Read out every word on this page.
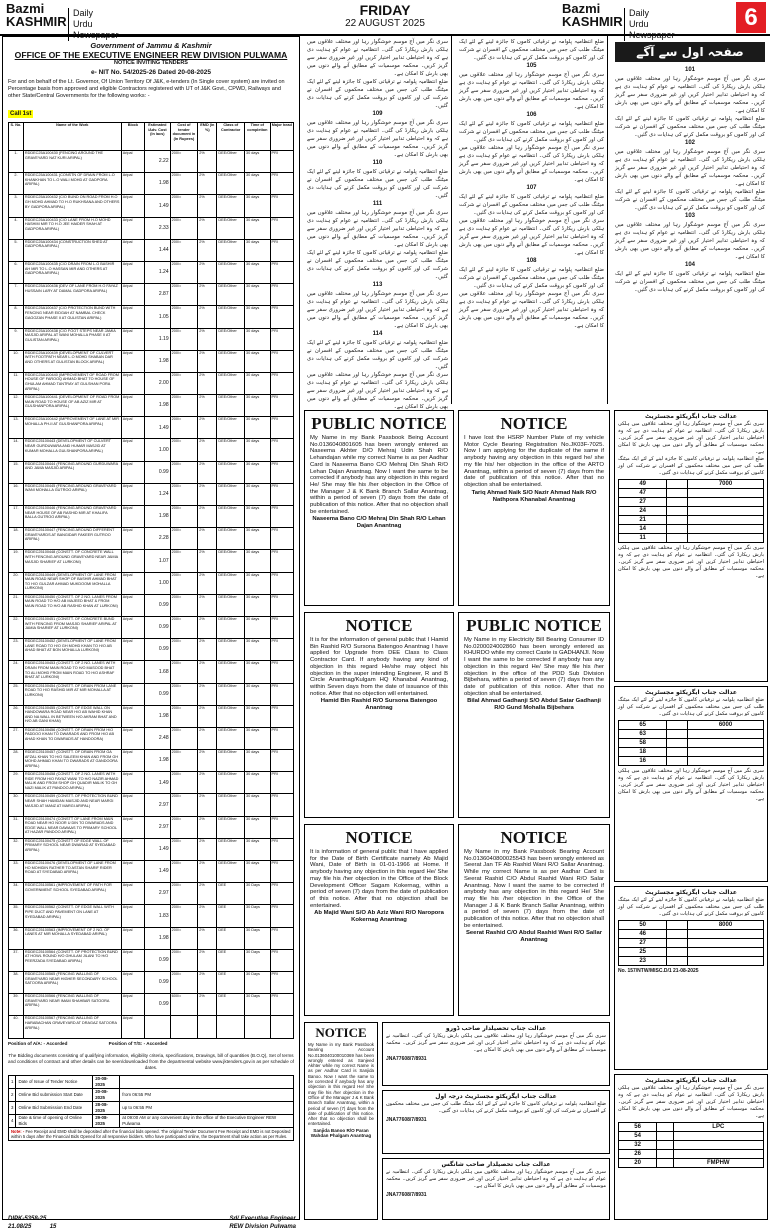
Bazmi
KASHMIR
Daily
Urdu Newspaper
FRIDAY
22 AUGUST 2025
Bazmi
KASHMIR
Daily
Urdu Newspaper
6
Government of Jammu & Kashmir
OFFICE OF THE EXECUTIVE ENGINEER REW DIVISION PULWAMA
NOTICE INVITING TENDERS
e- NIT No. 54/2025-26 Dated 20-08-2025
For and on behalf of the Lt. Governor, Of Union Territory Of J&K, e-tenders (In Single cover system) are invited on Percentage basis from approved and eligible Contractors registered with UT of J&K Govt., CPWD, Railways and other State/Central Governments for the following works: -
Call 1st
S. No.	Name of the Work	Block	Estimated /Adv. Cost (In lacs)	Cost of tender document in (In Rupees)	EMD (in %)	Class of Contractor	Time of completion	Major head
1.	RDDEC25A100430 (FENCING AROUND THE GRAVEYARD NAT KURI ARIPAL)	Aripal	2.22	200/=	2%	DEE/Other	30 days	PRI
2.	RDDEC25A100431 (CONSTN OF DRAIN FROM L.O KHANKHAN TO L.O WALI MOHD AT GADPORA ARIPAL)	Aripal	1.98	200/=	2%	DEE/Other	30 days	PRI
3.	RDDEC25A100432 (C/O BUND ON ROAD FROM H.O GH MOHD AHMAD TO H.O RUKHSANA AND OTHERS BY GADPORA ARIPAL)	Aripal	1.49	200/=	2%	DEE/Other	30 days	PRI
4.	RDDEC25A100433 (C/O LANE FROM H.O MOHD HASHIM MIR TO H.O JEE HAIDER SHAH AT GADPORA ARIPAL)	Aripal	2.33	200/=	2%	DEE/Other	30 days	PRI
5.	RDDEC25A100434 (CONSTRUCTION SHED AT GADPORA ARIPAL)	Aripal	1.44	200/=	2%	DEE/Other	30 days	PRI
6.	RDDEC25A100435 (C/O DRAIN FROM L.O BASHIR AH MIR TO L.O HASSAN MIR AND OTHERS AT GADPORA ARIPAL)	Aripal	1.24	200/=	2%	DEE/Other	30 days	PRI
7.	RDDEC25A100436 (DEV OF LANE FROM H.O FAYAZ HUSSAIN LARY AT DAMAL GADPORA ARIPAL)	Aripal	2.87	200/=	2%	DEE/Other	30 days	PRI
8.	RDDEC25A100437 (C/O PROTECTION BUND WITH FENCING NEAR EIDGAH AT NAMBAL CHECK GAGOZAN PHASE II AT GULISTAN ARIPAL)	Aripal	1.05	200/=	2%	DEE/Other	30 days	PRI
9.	RDDEC25A100438 (C/O FOOT STEPS NEAR JAMIA MASJID ARIPAL AT WANI MOHALLA PHASE II AT GULISTAN ARIPAL)	Aripal	1.19	200/=	2%	DEE/Other	30 days	PRI
10.	RDDEC25A100439 (DEVELOPMENT OF CULVERT WITH FOOTPATH NEAR L.O MOHD SHABAN DAR AND OTHERS AT GULISTAN BLOCK ARIPAL)	Aripal	1.98	200/=	2%	DEE/Other	30 days	PRI
11.	RDDEC25A100440 (IMPROVEMENT OF ROAD FROM HOUSE OF FAROOQ AHMAD BHAT TO HOUSE OF GHULAM AHMAD TANTRAY AT GULSHAN PORA ARIPAL)	Aripal	2.00	200/=	2%	DEE/Other	30 days	PRI
12.	RDDEC25A100441 (DEVELOPMENT OF ROAD FROM MAIN ROAD TO HOUSE OF AB AZIZ MIR AT GULSHANPORA ARIPAL)	Aripal	1.98	200/=	2%	DEE/Other	30 days	PRI
13.	RDDEC25A100442 (IMPROVEMENT OF LANE AT MIR MOHALLA PH-II AT GULSHANPORA ARIPAL)	Aripal	1.49	200/=	2%	DEE/Other	30 days	PRI
14.	RDDEC25100443 (DEVELOPMENT OF CULVERT NEAR GURDUWARA AND HUMAR MASJID AT KUMAR MOHALLA GULSHANPORA ARIPAL)	Aripal	1.00	200/=	2%	DEE/Other	30 days	PRI
15.	RDDEC25100444 (FENCING AROUND GURDUWARA AND JAMA MASJID ARIPAL)	Aripal	0.99	200/=	2%	DEE/Other	30 days	PRI
16.	RDDEC25100445 (FENCING AROUND GRAVEYARD WANI MOHALLA GUTROO ARIPAL)	Aripal	1.24	200/=	2%	DEE/Other	30 days	PRI
17.	RDDEC25100446 (FENCING AROUND GRAVEYARD NEAR HOUSE OF AB RASHID MIR AT KHALIFA BALLA GUTROO ARIPAL)	Aripal	1.98	200/=	2%	DEE/Other	30 days	PRI
18.	RDDEC25100447 (FENCING AROUND DIFFERENT GRAVEYARDS AT BANGIDAR FAKEER GUTROO ARIPAL)	Aripal	2.28	200/=	2%	DEE/Other	30 days	PRI
19.	RDDEC25100448 (CONSTT. OF CONCRETE WALL WITH FENCING AROUND GRAVEYARD NEAR JAMIA MASJID SHARIEF AT LURKONI)	Aripal	1.07	200/=	2%	DEE/Other	30 days	PRI
20.	RDDEC25100449 (DEVELOPMENT OF LANE FROM MAIN ROAD NEAR SHOP OF BASHIR AHMAD BHAT TO H/O GULZAR AHMAD MUKDOOMI MOHALLA LURKONI)	Aripal	1.00	200/=	2%	DEE/Other	30 days	PRI
21.	RDDEC25100450 (CONSTT. OF 2 NO. LANES FROM MAIN ROAD TO H/O AB MAJEED BHAT & FROM MAIN ROAD TO H/O AB RASHID KHAN AT LURKONI)	Aripal	0.99	200/=	2%	DEE/Other	30 days	PRI
22.	RDDEC25100451 (CONSTT. OF CONCRETE BUND WITH FENCING FROM MASJID SHARIEF ARIPAL AT JAMIA SHARIEF AT LURKONI)	Aripal	0.99	200/=	2%	DEE/Other	30 days	PRI
23.	RDDEC25100452 (DEVELOPMENT OF LANE FROM LANE ROAD TO H/O GH MOHD KHAN TO H/O AB AHAD BHAT AT BON MOHALLA LURKONI)	Aripal	0.99	200/=	2%	DEE/Other	30 days	PRI
24.	RDDEC25100453 (CONSTT. OF 2 NO. LANES WITH DRAIN FROM MAIN ROAD TO H/O MASOOD BHAT TO ALI MOHD FROM MAIN ROAD TO H/O ASHRAF BHAT AT LURKONI)	Aripal	1.68	200/=	2%	DEE/Other	30 days	PRI
25.	RDDEC25100454 (CONSTT. OF DRAIN FROM LANE ROAD TO H/O RASHID MIR AT MIR MOHALLA AT LURKONI)	Aripal	0.99	200/=	2%	DEE/Other	30 days	PRI
26.	RDDEC25100455 (CONSTT. OF EDGE WALL ON HANDOWARA ROAD NEAR H/O AB WAHID KHAN AND NA WALL IN BETWEEN H/O AKRAM BHAT AND H/O AB GANI KHAN)	Aripal	1.98	200/=	2%	DEE/Other	30 days	PRI
27.	RDDEC25100456 (CONSTT. OF DRAIN FROM H/O PADDOO KHAN TO DWARADS AND FROM H/O AB AHAD KHAN TO DWARADS AT HANDOORA)	Aripal	2.48	200/=	2%	DEE/Other	30 days	PRI
28.	RDDEC25100457 (CONSTT. OF DRAIN FROM GA AFZAL KHAN TO H/O SALEEM KHAN AND FROM GH MOHD AHMAD KHAN TO DWARADS AT GANDOORA ARIPAL)	Aripal	1.98	200/=	2%	DEE/Other	30 days	PRI
29.	RDDEC25100458 (CONSTT. OF 2 NO. LANES WITH RIDE FROM H/O FAYAZ WANI TO H/O NAZIR AHMAD MALIK AND FROM SHOP GH QUADIR MALIK TO GH NAZI MALIK AT PANDOO ARIPAL)	Aripal	1.49	200/=	2%	DEE/Other	30 days	PRI
30.	RDDEC25100459 (CONSTT. OF PROTECTION BUND NEAR SHAH HAMDAN MASJID AND NEAR MARGI MASJID AT MANZ AT MARGI ARIPAL)	Aripal	2.97	200/=	2%	DEE/Other	30 days	PRI
31.	RDDEC25100474 (CONSTT OF LANE FROM MAIN ROAD NEAR HO NOOR U DIN TO DWARADS AND EDGE WALL NEAR DAWAAS TO PRIMARY SCHOOL AT HAZAR PANDOO ARIPAL)	Aripal	2.97	200/=	2%	DEE/Other	30 days	PRI
32.	RDDEC25100475 (CONSTT OF EDGE WALL OF PRIMARY SCHOOL NEAR DWARAD AT SYEDABAD ARIPAL)	Aripal	1.49	200/=	2%	DEE/Other	30 days	PRI
33.	RDDEC25100476 (DEVELOPMENT OF LANE FROM HO MOHIDIN RATHER TO ASTAN SHARIF RIDER ROAD AT SYEDABAD ARIPAL)	Aripal	1.49	200/=	2%	DEE/Other	30 days	PRI
34.	RDDEC25100561 (IMPROVEMENT OF PATH FOR GOVERNMENT SCHOOL SYEDABAD ARIPAL)	Aripal	2.97	200/=	2%	DEE	30 Days	PRI
35.	RDDEC25100562 (CONSTT. OF EDGE WALL WITH PIPE DUCT AND PAVEMENT ON LANE AT SYEDABAD ARIPAL)	Aripal	1.83	200/=	2%	DEE	30 Days	PRI
36.	RDDEC25100563 (IMPROVEMENT OF 2 NO. OF LANES AT MIR MOHALLA SYEDABAD ARIPAL)	Aripal	1.98	200/=	2%	DEE	30 Days	PRI
37.	RDDEC25100564 (CONSTT. OF PROTECTION BUND AT HOWL ROUND H/O GHULAM JILANI TO H/O PEERZADA SYEDABAD ARIPAL)	Aripal	0.99	200/=	2%	DEE	30 Days	PRI
38.	RDDEC25100565 (FENCING WALLING OF GRAVEYARD NEAR HIGHER SECONDARY SCHOOL SATOORA ARIPAL)	Aripal	0.99	200/=	2%	DEE	30 Days	PRI
39.	RDDEC25100566 (FENCING WALLING OF GRAVEYARD NEAR IMAM SHAHBAR SATOORA ARIPAL)	Aripal	0.99	600/=	2%	DEE	30 Days	PRI
40.	RDDEC25100567 (FENCING WALLING OF HARABACHAN GRAVEYARD AT DRAGAZ SATOORA ARIPAL)	Aripal						
Position of A/A: - Accorded	Position of T/S: - Accorded
The Bidding documents consisting of qualifying information, eligibility criteria, specifications, Drawings, bill of quantities (B.O.Q), Set of terms and conditions of contract and other details can be seen/downloaded from the departmental website www.jktenders.gov.in as per schedule of dates.
1	Date of Issue of Tender Notice	20-08-2025	
2	Online Bid submission Start Date	20-08-2025	from 06:55 PM
3	Online Bid Submission End Date	28-08-2025	up to 06:55 PM
4	Date & time of opening of Online Bids	29-08-2025	at 09:00 AM or any convenient day in the office of the Executive Engineer REW Pulwama
Note: - Fee Receipt and EMD shall be deposited after the financial bids opened. The original Tender Document Fee Receipt and EMD is not Deposited within 5 days after the Financial Bids Opened for all responsive bidders. Who have participated online, the Department shall take action as per Rules.
DIPK-5358-25
21.08/25	15
Sd/ Executive Engineer
REW Division Pulwama
سری نگر میں آج موسم خوشگوار رہا اور مختلف علاقوں میں ہلکی بارش ریکارڈ کی گئی۔ انتظامیہ نے عوام کو ہدایت دی ہے کہ وہ احتیاطی تدابیر اختیار کریں اور غیر ضروری سفر سے گریز کریں۔ محکمہ موسمیات کے مطابق آنے والے دنوں میں بھی بارش کا امکان ہے۔
ضلع انتظامیہ پلوامہ نے ترقیاتی کاموں کا جائزہ لینے کے لئے ایک میٹنگ طلب کی جس میں مختلف محکموں کے افسران نے شرکت کی اور کاموں کو بروقت مکمل کرنے کی ہدایات دی گئیں۔
109
سری نگر میں آج موسم خوشگوار رہا اور مختلف علاقوں میں ہلکی بارش ریکارڈ کی گئی۔ انتظامیہ نے عوام کو ہدایت دی ہے کہ وہ احتیاطی تدابیر اختیار کریں اور غیر ضروری سفر سے گریز کریں۔ محکمہ موسمیات کے مطابق آنے والے دنوں میں بھی بارش کا امکان ہے۔
110
ضلع انتظامیہ پلوامہ نے ترقیاتی کاموں کا جائزہ لینے کے لئے ایک میٹنگ طلب کی جس میں مختلف محکموں کے افسران نے شرکت کی اور کاموں کو بروقت مکمل کرنے کی ہدایات دی گئیں۔
111
سری نگر میں آج موسم خوشگوار رہا اور مختلف علاقوں میں ہلکی بارش ریکارڈ کی گئی۔ انتظامیہ نے عوام کو ہدایت دی ہے کہ وہ احتیاطی تدابیر اختیار کریں اور غیر ضروری سفر سے گریز کریں۔ محکمہ موسمیات کے مطابق آنے والے دنوں میں بھی بارش کا امکان ہے۔
ضلع انتظامیہ پلوامہ نے ترقیاتی کاموں کا جائزہ لینے کے لئے ایک میٹنگ طلب کی جس میں مختلف محکموں کے افسران نے شرکت کی اور کاموں کو بروقت مکمل کرنے کی ہدایات دی گئیں۔
113
سری نگر میں آج موسم خوشگوار رہا اور مختلف علاقوں میں ہلکی بارش ریکارڈ کی گئی۔ انتظامیہ نے عوام کو ہدایت دی ہے کہ وہ احتیاطی تدابیر اختیار کریں اور غیر ضروری سفر سے گریز کریں۔ محکمہ موسمیات کے مطابق آنے والے دنوں میں بھی بارش کا امکان ہے۔
114
ضلع انتظامیہ پلوامہ نے ترقیاتی کاموں کا جائزہ لینے کے لئے ایک میٹنگ طلب کی جس میں مختلف محکموں کے افسران نے شرکت کی اور کاموں کو بروقت مکمل کرنے کی ہدایات دی گئیں۔
سری نگر میں آج موسم خوشگوار رہا اور مختلف علاقوں میں ہلکی بارش ریکارڈ کی گئی۔ انتظامیہ نے عوام کو ہدایت دی ہے کہ وہ احتیاطی تدابیر اختیار کریں اور غیر ضروری سفر سے گریز کریں۔ محکمہ موسمیات کے مطابق آنے والے دنوں میں بھی بارش کا امکان ہے۔
ضلع انتظامیہ پلوامہ نے ترقیاتی کاموں کا جائزہ لینے کے لئے ایک میٹنگ طلب کی جس میں مختلف محکموں کے افسران نے شرکت کی اور کاموں کو بروقت مکمل کرنے کی ہدایات دی گئیں۔
105
سری نگر میں آج موسم خوشگوار رہا اور مختلف علاقوں میں ہلکی بارش ریکارڈ کی گئی۔ انتظامیہ نے عوام کو ہدایت دی ہے کہ وہ احتیاطی تدابیر اختیار کریں اور غیر ضروری سفر سے گریز کریں۔ محکمہ موسمیات کے مطابق آنے والے دنوں میں بھی بارش کا امکان ہے۔
106
ضلع انتظامیہ پلوامہ نے ترقیاتی کاموں کا جائزہ لینے کے لئے ایک میٹنگ طلب کی جس میں مختلف محکموں کے افسران نے شرکت کی اور کاموں کو بروقت مکمل کرنے کی ہدایات دی گئیں۔
سری نگر میں آج موسم خوشگوار رہا اور مختلف علاقوں میں ہلکی بارش ریکارڈ کی گئی۔ انتظامیہ نے عوام کو ہدایت دی ہے کہ وہ احتیاطی تدابیر اختیار کریں اور غیر ضروری سفر سے گریز کریں۔ محکمہ موسمیات کے مطابق آنے والے دنوں میں بھی بارش کا امکان ہے۔
107
ضلع انتظامیہ پلوامہ نے ترقیاتی کاموں کا جائزہ لینے کے لئے ایک میٹنگ طلب کی جس میں مختلف محکموں کے افسران نے شرکت کی اور کاموں کو بروقت مکمل کرنے کی ہدایات دی گئیں۔
سری نگر میں آج موسم خوشگوار رہا اور مختلف علاقوں میں ہلکی بارش ریکارڈ کی گئی۔ انتظامیہ نے عوام کو ہدایت دی ہے کہ وہ احتیاطی تدابیر اختیار کریں اور غیر ضروری سفر سے گریز کریں۔ محکمہ موسمیات کے مطابق آنے والے دنوں میں بھی بارش کا امکان ہے۔
108
ضلع انتظامیہ پلوامہ نے ترقیاتی کاموں کا جائزہ لینے کے لئے ایک میٹنگ طلب کی جس میں مختلف محکموں کے افسران نے شرکت کی اور کاموں کو بروقت مکمل کرنے کی ہدایات دی گئیں۔
سری نگر میں آج موسم خوشگوار رہا اور مختلف علاقوں میں ہلکی بارش ریکارڈ کی گئی۔ انتظامیہ نے عوام کو ہدایت دی ہے کہ وہ احتیاطی تدابیر اختیار کریں اور غیر ضروری سفر سے گریز کریں۔ محکمہ موسمیات کے مطابق آنے والے دنوں میں بھی بارش کا امکان ہے۔
صفحہ اول سے آگے
101
سری نگر میں آج موسم خوشگوار رہا اور مختلف علاقوں میں ہلکی بارش ریکارڈ کی گئی۔ انتظامیہ نے عوام کو ہدایت دی ہے کہ وہ احتیاطی تدابیر اختیار کریں اور غیر ضروری سفر سے گریز کریں۔ محکمہ موسمیات کے مطابق آنے والے دنوں میں بھی بارش کا امکان ہے۔
ضلع انتظامیہ پلوامہ نے ترقیاتی کاموں کا جائزہ لینے کے لئے ایک میٹنگ طلب کی جس میں مختلف محکموں کے افسران نے شرکت کی اور کاموں کو بروقت مکمل کرنے کی ہدایات دی گئیں۔
102
سری نگر میں آج موسم خوشگوار رہا اور مختلف علاقوں میں ہلکی بارش ریکارڈ کی گئی۔ انتظامیہ نے عوام کو ہدایت دی ہے کہ وہ احتیاطی تدابیر اختیار کریں اور غیر ضروری سفر سے گریز کریں۔ محکمہ موسمیات کے مطابق آنے والے دنوں میں بھی بارش کا امکان ہے۔
ضلع انتظامیہ پلوامہ نے ترقیاتی کاموں کا جائزہ لینے کے لئے ایک میٹنگ طلب کی جس میں مختلف محکموں کے افسران نے شرکت کی اور کاموں کو بروقت مکمل کرنے کی ہدایات دی گئیں۔
103
سری نگر میں آج موسم خوشگوار رہا اور مختلف علاقوں میں ہلکی بارش ریکارڈ کی گئی۔ انتظامیہ نے عوام کو ہدایت دی ہے کہ وہ احتیاطی تدابیر اختیار کریں اور غیر ضروری سفر سے گریز کریں۔ محکمہ موسمیات کے مطابق آنے والے دنوں میں بھی بارش کا امکان ہے۔
104
ضلع انتظامیہ پلوامہ نے ترقیاتی کاموں کا جائزہ لینے کے لئے ایک میٹنگ طلب کی جس میں مختلف محکموں کے افسران نے شرکت کی اور کاموں کو بروقت مکمل کرنے کی ہدایات دی گئیں۔
PUBLIC NOTICE
My Name in my Bank Passbook Being Account No.0136040801605 has been wrongly entered as Naseema Akhter D/O Mehraj Udin Shah R/O Lehandajan while my correct Name is as per Aadhar Card is Naseema Bano C/O Mehraj Din Shah R/O Lehan Dajan Anantnag. Now I want the same to be corrected if anybody has any objection in this regard He/ She may file his /her objection in the Office of the Manager J & K Bank Branch Sallar Anantnag, within a period of seven (7) days from the date of publication of this notice. After that no objection shall be entertained.
Naseema Bano C/O Mehraj Din Shah R/O Lehan Dajan Anantnag
NOTICE
I have lost the HSRP Number Plate of my vehicle Motor Cycle Bearing Registration No.JK03F-7025. Now I am applying for the duplicate of the same if anybody having any objection in this regard he/ she my file his/ her objection in the office of the ARTO Anantnag, within a period of seven (7) days from the date of publication of this notice. After that no objection shall be entertained.
Tariq Ahmad Naik S/O Nazir Ahmad Naik R/O Nathpora Khanabal Anantnag
NOTICE
It is for the information of general public that I Hamid Bin Rashid R/O Sursona Batengoo Anantnag I have applied for Upgrade from DEE Class to Class Contractor Card. If anybody having any kind of objection in this regard He/she may object his objection in the super intending Engineer, R and B Circle Anantnag/Kulgam HQ Khanabal Anantnag, within Seven days from the date of issuance of this notice. After that no objection will entertained.
Hamid Bin Rashid R/O Sursona Batengoo Anantnag
PUBLIC NOTICE
My Name in my Electricity Bill Bearing Consumer ID No.0200024002860 has been wrongly entered as KHURDO while my correct Caste is GADHANJI. Now I want the same to be corrected if anybody has any objection in this regard He/ She may file his /her objection in the office of the PDD Sub Division Bijbehara, within a period of seven (7) days from the date of publication of this notice. After that no objection shall be entertained.
Bilal Ahmad Gadhanji S/O Abdul Satar Gadhanji R/O Gund Mohalla Bijbehara
NOTICE
It is information of general public that I have applied for the Date of Birth Certificate namely Ab Majid Wani, Date of Birth is 01-01-1966 at Home. If anybody having any objection in this regard He/ She may file his /her objection in the Office of the Block Development Officer Sagam Kokernag, within a period of seven (7) days from the date of publication of this notice. After that no objection shall be entertained.
Ab Majid Wani S/O Ab Aziz Wani R/O Naropora Kokernag Anantnag
NOTICE
My Name in my Bank Passbook Bearing Account No.0136040800025543 has been wrongly entered as Seerat Jan TF Ab Rashid Wani R/O Sallar Anantnag. While my correct Name is as per Aadhar Card is Seerat Rashid C/O Abdul Rashid Wani R/O Salar Anantnag. Now I want the same to be corrected if anybody has any objection in this regard He/ She may file his /her objection in the Office of the Manager J & K Bank Branch Sallar Anantnag, within a period of seven (7) days from the date of publication of this notice. After that no objection shall be entertained.
Seerat Rashid C/O Abdul Rashid Wani R/O Sallar Anantnag
NOTICE
My Name in my Bank Passbook Bearing Account No.0136040100010369 has been wrongly entered as Sanjeed Akhter while my correct Name is as per Aadhar Card is Sanjida Banoo. Now I want the same to be corrected if anybody has any objection in this regard He/ She may file his /her objection in the Office of the Manager J & K Bank Branch Sallar Anantnag, within a period of seven (7) days from the date of publication of this notice. After that no objection shall be entertained.
Sanjida Banoo R/O Paran Wahdan Phalgam Anantnag
عدالت جناب تحصیلدار صاحب ڈورو
سری نگر میں آج موسم خوشگوار رہا اور مختلف علاقوں میں ہلکی بارش ریکارڈ کی گئی۔ انتظامیہ نے عوام کو ہدایت دی ہے کہ وہ احتیاطی تدابیر اختیار کریں اور غیر ضروری سفر سے گریز کریں۔ محکمہ موسمیات کے مطابق آنے والے دنوں میں بھی بارش کا امکان ہے۔
JNA77608/7/8931
عدالت جناب ایگزیکٹو مجسٹریٹ درجہ اول
ضلع انتظامیہ پلوامہ نے ترقیاتی کاموں کا جائزہ لینے کے لئے ایک میٹنگ طلب کی جس میں مختلف محکموں کے افسران نے شرکت کی اور کاموں کو بروقت مکمل کرنے کی ہدایات دی گئیں۔
JNA77608/7/8931
عدالت جناب تحصیلدار صاحب شانگس
سری نگر میں آج موسم خوشگوار رہا اور مختلف علاقوں میں ہلکی بارش ریکارڈ کی گئی۔ انتظامیہ نے عوام کو ہدایت دی ہے کہ وہ احتیاطی تدابیر اختیار کریں اور غیر ضروری سفر سے گریز کریں۔ محکمہ موسمیات کے مطابق آنے والے دنوں میں بھی بارش کا امکان ہے۔
JNA77608/7/8931
عدالت جناب ایگزیکٹو مجسٹریٹ
سری نگر میں آج موسم خوشگوار رہا اور مختلف علاقوں میں ہلکی بارش ریکارڈ کی گئی۔ انتظامیہ نے عوام کو ہدایت دی ہے کہ وہ احتیاطی تدابیر اختیار کریں اور غیر ضروری سفر سے گریز کریں۔ محکمہ موسمیات کے مطابق آنے والے دنوں میں بھی بارش کا امکان ہے۔
ضلع انتظامیہ پلوامہ نے ترقیاتی کاموں کا جائزہ لینے کے لئے ایک میٹنگ طلب کی جس میں مختلف محکموں کے افسران نے شرکت کی اور کاموں کو بروقت مکمل کرنے کی ہدایات دی گئیں۔
7000		49
		47
		27
		24
		21
		14
		11
سری نگر میں آج موسم خوشگوار رہا اور مختلف علاقوں میں ہلکی بارش ریکارڈ کی گئی۔ انتظامیہ نے عوام کو ہدایت دی ہے کہ وہ احتیاطی تدابیر اختیار کریں اور غیر ضروری سفر سے گریز کریں۔ محکمہ موسمیات کے مطابق آنے والے دنوں میں بھی بارش کا امکان ہے۔
عدالت جناب ایگزیکٹو مجسٹریٹ
ضلع انتظامیہ پلوامہ نے ترقیاتی کاموں کا جائزہ لینے کے لئے ایک میٹنگ طلب کی جس میں مختلف محکموں کے افسران نے شرکت کی اور کاموں کو بروقت مکمل کرنے کی ہدایات دی گئیں۔
6000		65
		63
		58
		18
		16
سری نگر میں آج موسم خوشگوار رہا اور مختلف علاقوں میں ہلکی بارش ریکارڈ کی گئی۔ انتظامیہ نے عوام کو ہدایت دی ہے کہ وہ احتیاطی تدابیر اختیار کریں اور غیر ضروری سفر سے گریز کریں۔ محکمہ موسمیات کے مطابق آنے والے دنوں میں بھی بارش کا امکان ہے۔
عدالت جناب ایگزیکٹو مجسٹریٹ
ضلع انتظامیہ پلوامہ نے ترقیاتی کاموں کا جائزہ لینے کے لئے ایک میٹنگ طلب کی جس میں مختلف محکموں کے افسران نے شرکت کی اور کاموں کو بروقت مکمل کرنے کی ہدایات دی گئیں۔
8000		50
		46
		27
		25
		23
No. 157/NTW/MISC.D/1 21-08-2025
عدالت جناب ایگزیکٹو مجسٹریٹ
سری نگر میں آج موسم خوشگوار رہا اور مختلف علاقوں میں ہلکی بارش ریکارڈ کی گئی۔ انتظامیہ نے عوام کو ہدایت دی ہے کہ وہ احتیاطی تدابیر اختیار کریں اور غیر ضروری سفر سے گریز کریں۔ محکمہ موسمیات کے مطابق آنے والے دنوں میں بھی بارش کا امکان ہے۔
LPC		56
		54
		32
		26
FMPHW		20
